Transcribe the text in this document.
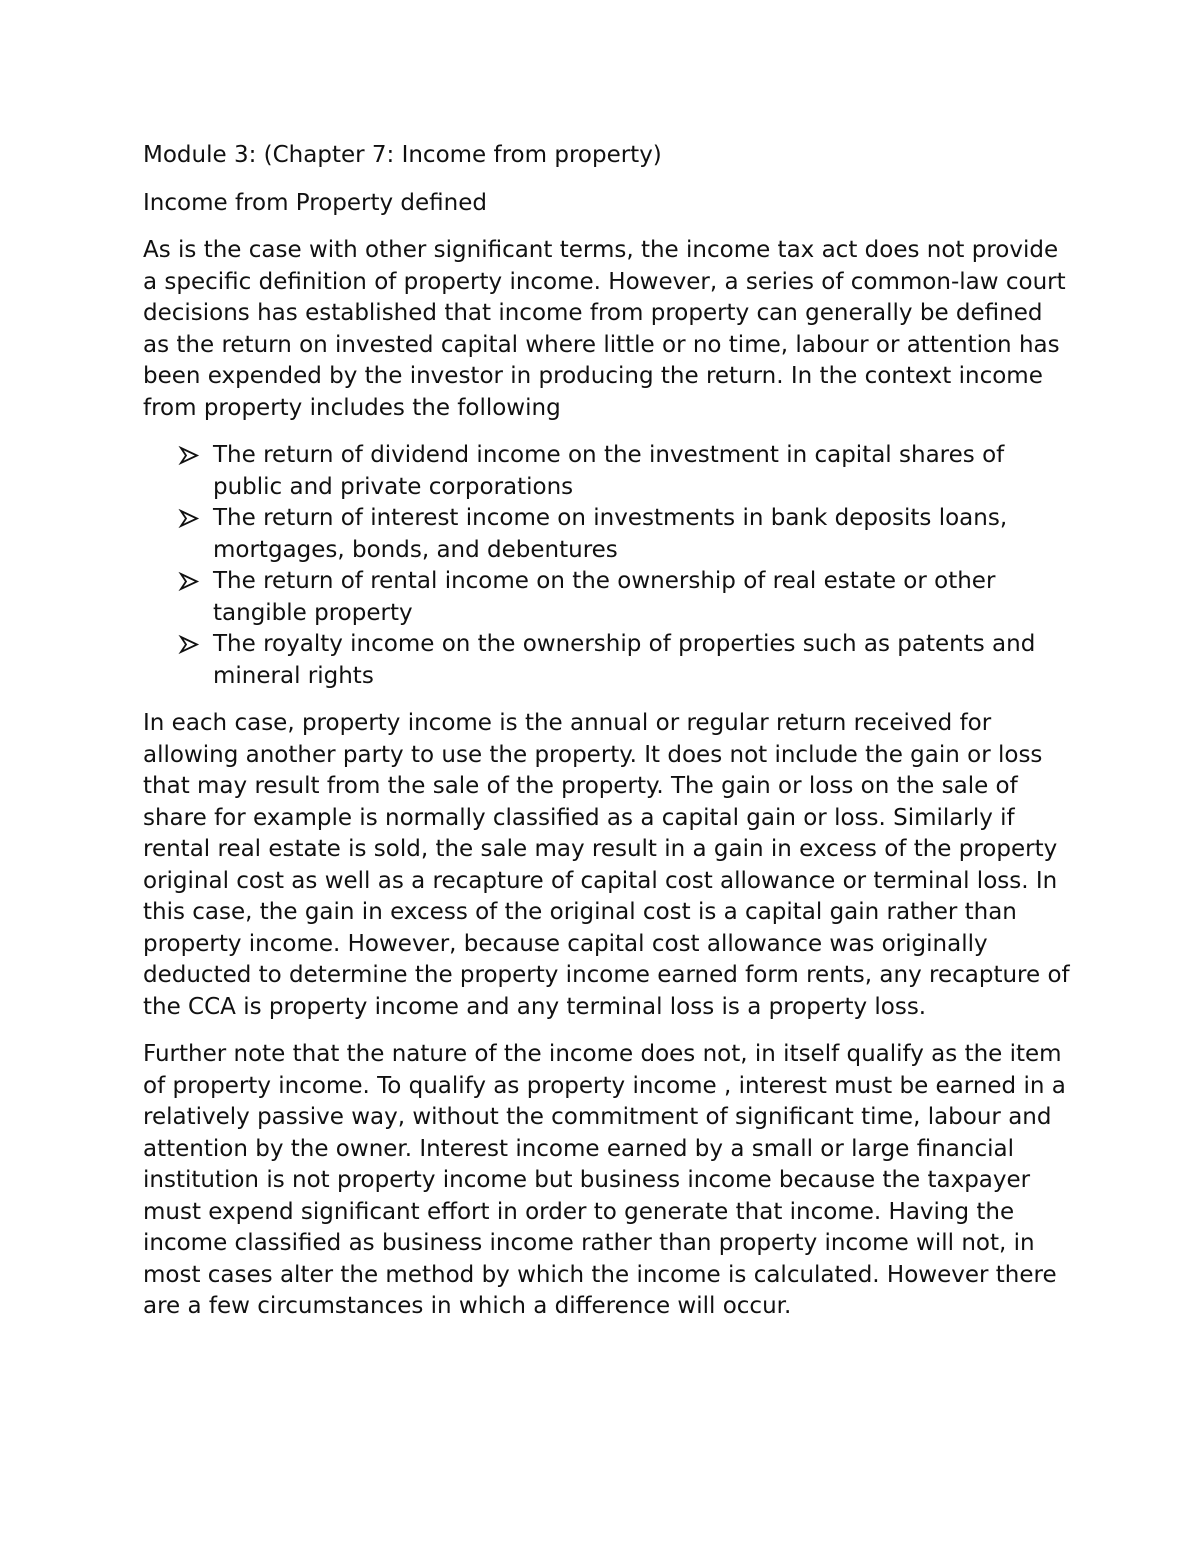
Module 3: (Chapter 7: Income from property)

Income from Property defined

As is the case with other significant terms, the income tax act does not provide a specific definition of property income. However, a series of common-law court decisions has established that income from property can generally be defined as the return on invested capital where little or no time, labour or attention has been expended by the investor in producing the return. In the context income from property includes the following

The return of dividend income on the investment in capital shares of public and private corporations
The return of interest income on investments in bank deposits loans, mortgages, bonds, and debentures
The return of rental income on the ownership of real estate or other tangible property
The royalty income on the ownership of properties such as patents and mineral rights

In each case, property income is the annual or regular return received for allowing another party to use the property. It does not include the gain or loss that may result from the sale of the property. The gain or loss on the sale of share for example is normally classified as a capital gain or loss. Similarly if rental real estate is sold, the sale may result in a gain in excess of the property original cost as well as a recapture of capital cost allowance or terminal loss. In this case, the gain in excess of the original cost is a capital gain rather than property income. However, because capital cost allowance was originally deducted to determine the property income earned form rents, any recapture of the CCA is property income and any terminal loss is a property loss.

Further note that the nature of the income does not, in itself qualify as the item of property income. To qualify as property income , interest must be earned in a relatively passive way, without the commitment of significant time, labour and attention by the owner. Interest income earned by a small or large financial institution is not property income but business income because the taxpayer must expend significant effort in order to generate that income. Having the income classified as business income rather than property income will not, in most cases alter the method by which the income is calculated. However there are a few circumstances in which a difference will occur.
